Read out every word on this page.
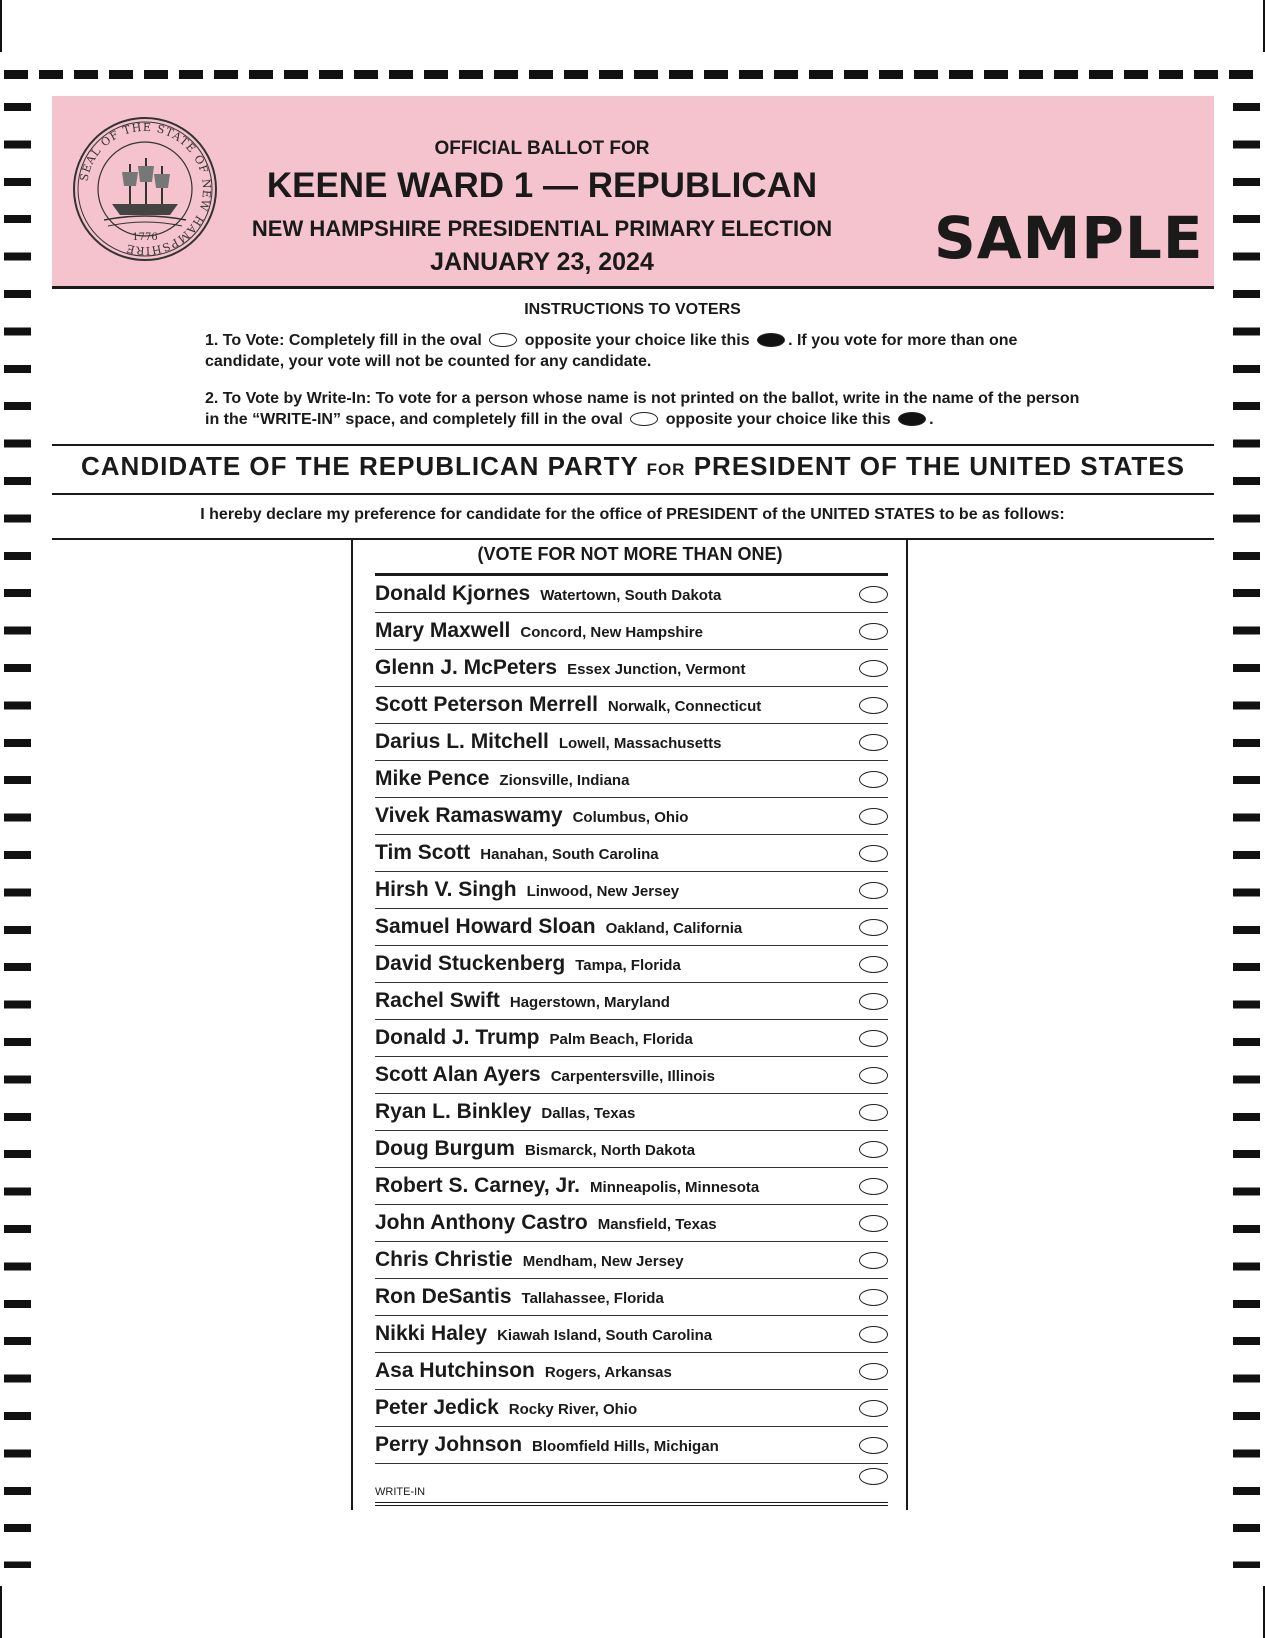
SEAL OF THE STATE OF NEW HAMPSHIRE
1776
OFFICIAL BALLOT FOR
KEENE WARD 1 — REPUBLICAN
NEW HAMPSHIRE PRESIDENTIAL PRIMARY ELECTION
JANUARY 23, 2024	SAMPLE
INSTRUCTIONS TO VOTERS
1. To Vote: Completely fill in the oval	opposite your choice like this . If you vote for more than one candidate, your vote will not be counted for any candidate.
2. To Vote by Write-In: To vote for a person whose name is not printed on the ballot, write in the name of the person in the “WRITE-IN” space, and completely fill in the oval	opposite your choice like this .
CANDIDATE OF THE REPUBLICAN PARTY FOR PRESIDENT OF THE UNITED STATES
I hereby declare my preference for candidate for the office of PRESIDENT of the UNITED STATES to be as follows:
(VOTE FOR NOT MORE THAN ONE)
Donald Kjornes Watertown, South Dakota
Mary Maxwell Concord, New Hampshire
Glenn J. McPeters Essex Junction, Vermont
Scott Peterson Merrell Norwalk, Connecticut
Darius L. Mitchell Lowell, Massachusetts
Mike Pence Zionsville, Indiana
Vivek Ramaswamy Columbus, Ohio
Tim Scott Hanahan, South Carolina
Hirsh V. Singh Linwood, New Jersey
Samuel Howard Sloan Oakland, California
David Stuckenberg Tampa, Florida
Rachel Swift Hagerstown, Maryland
Donald J. Trump Palm Beach, Florida
Scott Alan Ayers Carpentersville, Illinois
Ryan L. Binkley Dallas, Texas
Doug Burgum Bismarck, North Dakota
Robert S. Carney, Jr. Minneapolis, Minnesota
John Anthony Castro Mansfield, Texas
Chris Christie Mendham, New Jersey
Ron DeSantis Tallahassee, Florida
Nikki Haley Kiawah Island, South Carolina
Asa Hutchinson Rogers, Arkansas
Peter Jedick Rocky River, Ohio
Perry Johnson Bloomfield Hills, Michigan
WRITE-IN
